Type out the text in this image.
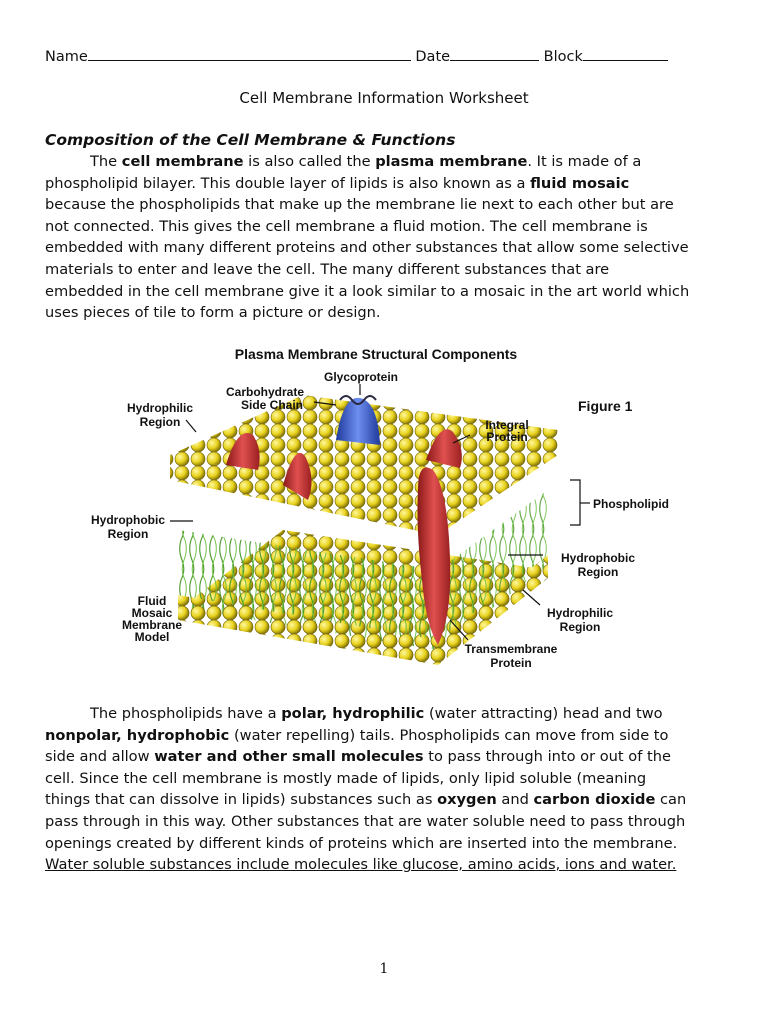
Name	Date	Block
Cell Membrane Information Worksheet
Composition of the Cell Membrane & Functions
The cell membrane is also called the plasma membrane. It is made of a
phospholipid bilayer. This double layer of lipids is also known as a fluid mosaic
because the phospholipids that make up the membrane lie next to each other but are
not connected. This gives the cell membrane a fluid motion. The cell membrane is
embedded with many different proteins and other substances that allow some selective
materials to enter and leave the cell. The many different substances that are
embedded in the cell membrane give it a look similar to a mosaic in the art world which
uses pieces of tile to form a picture or design.
Plasma Membrane Structural Components
Figure 1
Glycoprotein
Carbohydrate
Side Chain
Hydrophilic
Region	Integral
Protein
Phospholipid
Hydrophobic
Region
Hydrophobic
Region
Fluid
Mosaic
Membrane
Model
Hydrophilic
Region
Transmembrane
Protein
The phospholipids have a polar, hydrophilic (water attracting) head and two
nonpolar, hydrophobic (water repelling) tails. Phospholipids can move from side to
side and allow water and other small molecules to pass through into or out of the
cell. Since the cell membrane is mostly made of lipids, only lipid soluble (meaning
things that can dissolve in lipids) substances such as oxygen and carbon dioxide can
pass through in this way. Other substances that are water soluble need to pass through
openings created by different kinds of proteins which are inserted into the membrane.
Water soluble substances include molecules like glucose, amino acids, ions and water.
1
